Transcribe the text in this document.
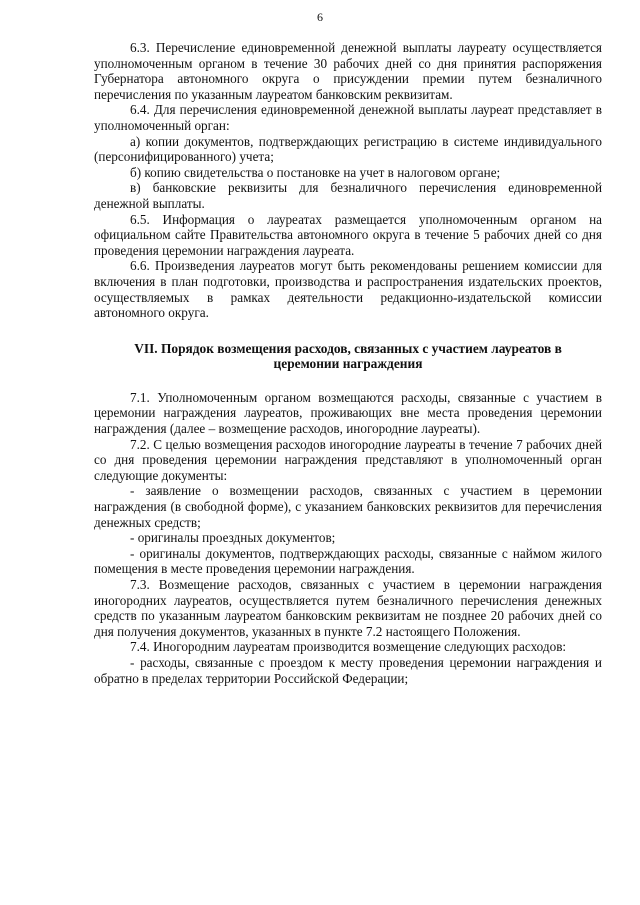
6

6.3. Перечисление единовременной денежной выплаты лауреату осуществляется уполномоченным органом в течение 30 рабочих дней со дня принятия распоряжения Губернатора автономного округа о присуждении премии путем безналичного перечисления по указанным лауреатом банковским реквизитам.

6.4. Для перечисления единовременной денежной выплаты лауреат представляет в уполномоченный орган:

а) копии документов, подтверждающих регистрацию в системе индивидуального (персонифицированного) учета;

б) копию свидетельства о постановке на учет в налоговом органе;

в) банковские реквизиты для безналичного перечисления единовременной денежной выплаты.

6.5. Информация о лауреатах размещается уполномоченным органом на официальном сайте Правительства автономного округа в течение 5 рабочих дней со дня проведения церемонии награждения лауреата.

6.6. Произведения лауреатов могут быть рекомендованы решением комиссии для включения в план подготовки, производства и распространения издательских проектов, осуществляемых в рамках деятельности редакционно-издательской комиссии автономного округа.

VII. Порядок возмещения расходов, связанных с участием лауреатов в церемонии награждения

7.1. Уполномоченным органом возмещаются расходы, связанные с участием в церемонии награждения лауреатов, проживающих вне места проведения церемонии награждения (далее – возмещение расходов, иногородние лауреаты).

7.2. С целью возмещения расходов иногородние лауреаты в течение 7 рабочих дней со дня проведения церемонии награждения представляют в уполномоченный орган следующие документы:

- заявление о возмещении расходов, связанных с участием в церемонии награждения (в свободной форме), с указанием банковских реквизитов для перечисления денежных средств;

- оригиналы проездных документов;

- оригиналы документов, подтверждающих расходы, связанные с наймом жилого помещения в месте проведения церемонии награждения.

7.3. Возмещение расходов, связанных с участием в церемонии награждения иногородних лауреатов, осуществляется путем безналичного перечисления денежных средств по указанным лауреатом банковским реквизитам не позднее 20 рабочих дней со дня получения документов, указанных в пункте 7.2 настоящего Положения.

7.4. Иногородним лауреатам производится возмещение следующих расходов:

- расходы, связанные с проездом к месту проведения церемонии награждения и обратно в пределах территории Российской Федерации;
